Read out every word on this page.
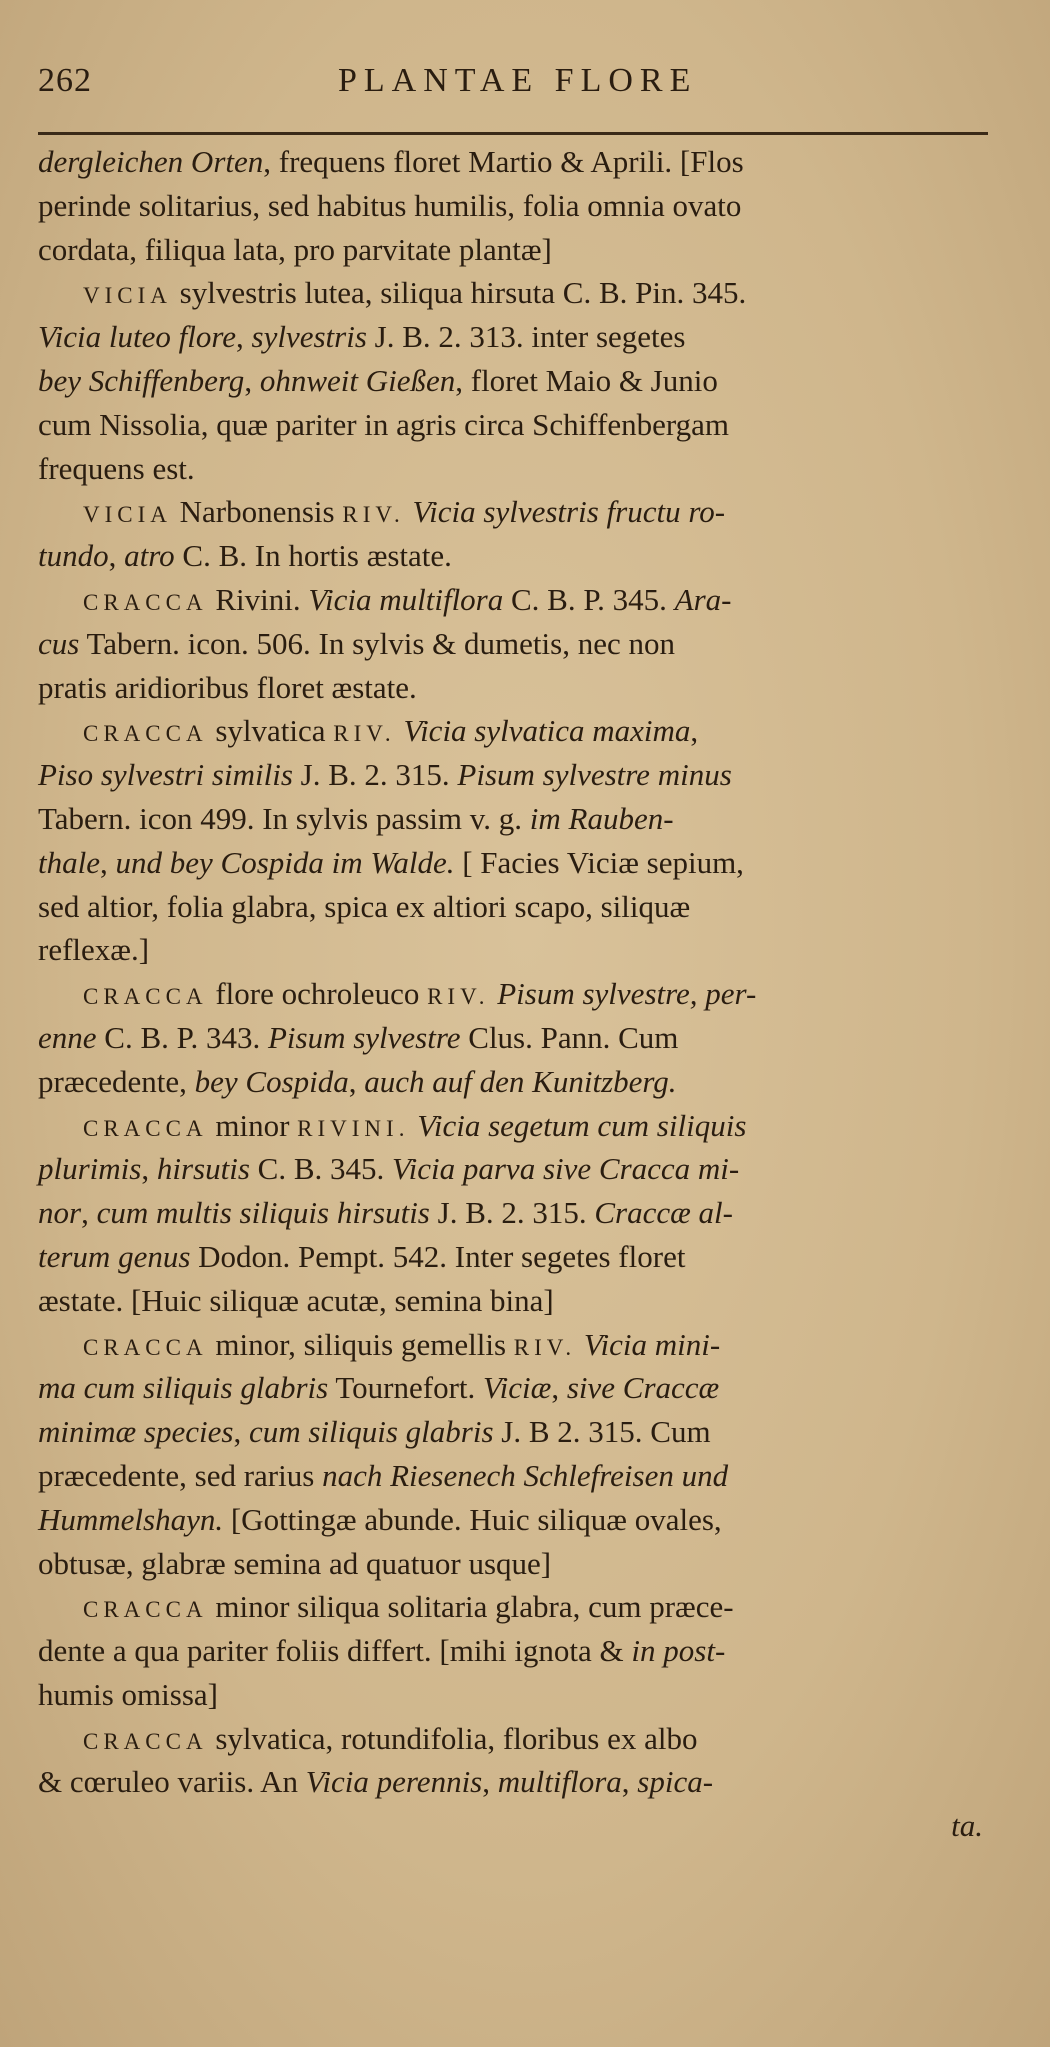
262	PLANTAE FLORE
dergleichen Orten, frequens floret Martio & Aprili. [Flos
perinde solitarius, sed habitus humilis, folia omnia ovato
cordata, filiqua lata, pro parvitate plantæ]
VICIA sylvestris lutea, siliqua hirsuta C. B. Pin. 345.
Vicia luteo flore, sylvestris J. B. 2. 313. inter segetes
bey Schiffenberg, ohnweit Gießen, floret Maio & Junio
cum Nissolia, quæ pariter in agris circa Schiffenbergam
frequens est.
VICIA Narbonensis RIV. Vicia sylvestris fructu ro-
tundo, atro C. B. In hortis æstate.
CRACCA Rivini. Vicia multiflora C. B. P. 345. Ara-
cus Tabern. icon. 506. In sylvis & dumetis, nec non
pratis aridioribus floret æstate.
CRACCA sylvatica RIV. Vicia sylvatica maxima,
Piso sylvestri similis J. B. 2. 315. Pisum sylvestre minus
Tabern. icon 499. In sylvis passim v. g. im Rauben-
thale, und bey Cospida im Walde. [ Facies Viciæ sepium,
sed altior, folia glabra, spica ex altiori scapo, siliquæ
reflexæ.]
CRACCA flore ochroleuco RIV. Pisum sylvestre, per-
enne C. B. P. 343. Pisum sylvestre Clus. Pann. Cum
præcedente, bey Cospida, auch auf den Kunitzberg.
CRACCA minor RIVINI. Vicia segetum cum siliquis
plurimis, hirsutis C. B. 345. Vicia parva sive Cracca mi-
nor, cum multis siliquis hirsutis J. B. 2. 315. Craccæ al-
terum genus Dodon. Pempt. 542. Inter segetes floret
æstate. [Huic siliquæ acutæ, semina bina]
CRACCA minor, siliquis gemellis RIV. Vicia mini-
ma cum siliquis glabris Tournefort. Viciæ, sive Craccæ
minimæ species, cum siliquis glabris J. B 2. 315. Cum
præcedente, sed rarius nach Riesenech Schlefreisen und
Hummelshayn. [Gottingæ abunde. Huic siliquæ ovales,
obtusæ, glabræ semina ad quatuor usque]
CRACCA minor siliqua solitaria glabra, cum præce-
dente a qua pariter foliis differt. [mihi ignota & in post-
humis omissa]
CRACCA sylvatica, rotundifolia, floribus ex albo
& cœruleo variis. An Vicia perennis, multiflora, spica-
ta.
